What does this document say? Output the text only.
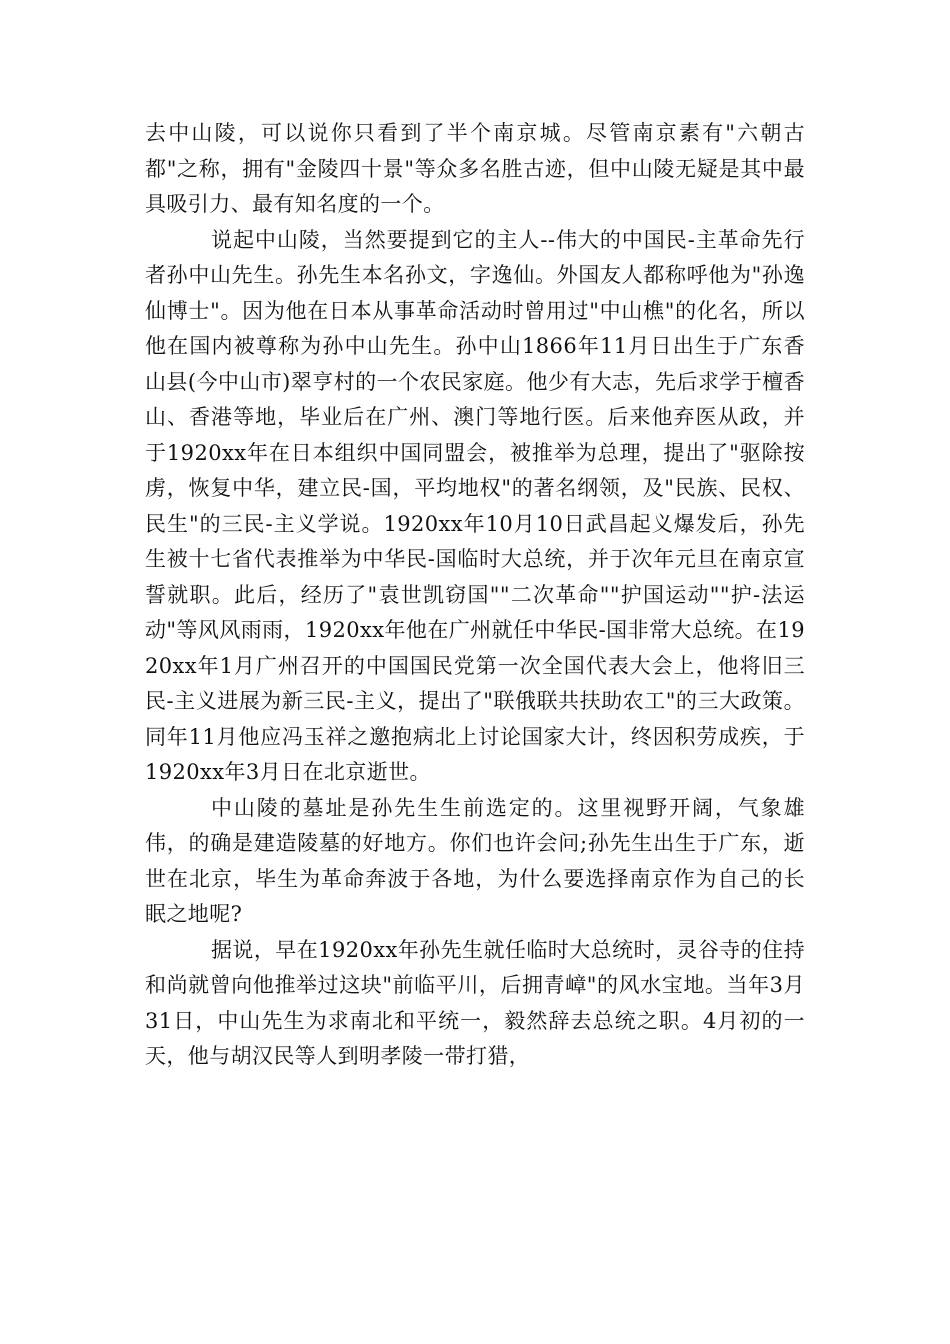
去中山陵，可以说你只看到了半个南京城。尽管南京素有"六朝古都"之称，拥有"金陵四十景"等众多名胜古迹，但中山陵无疑是其中最具吸引力、最有知名度的一个。

说起中山陵，当然要提到它的主人--伟大的中国民-主革命先行者孙中山先生。孙先生本名孙文，字逸仙。外国友人都称呼他为"孙逸仙博士"。因为他在日本从事革命活动时曾用过"中山樵"的化名，所以他在国内被尊称为孙中山先生。孙中山1866年11月日出生于广东香山县(今中山市)翠亨村的一个农民家庭。他少有大志，先后求学于檀香山、香港等地，毕业后在广州、澳门等地行医。后来他弃医从政，并于1920xx年在日本组织中国同盟会，被推举为总理，提出了"驱除按虏，恢复中华，建立民-国，平均地权"的著名纲领，及"民族、民权、民生"的三民-主义学说。1920xx年10月10日武昌起义爆发后，孙先生被十七省代表推举为中华民-国临时大总统，并于次年元旦在南京宣誓就职。此后，经历了"袁世凯窃国""二次革命""护国运动""护-法运动"等风风雨雨，1920xx年他在广州就任中华民-国非常大总统。在1920xx年1月广州召开的中国国民党第一次全国代表大会上，他将旧三民-主义进展为新三民-主义，提出了"联俄联共扶助农工"的三大政策。同年11月他应冯玉祥之邀抱病北上讨论国家大计，终因积劳成疾，于1920xx年3月日在北京逝世。

中山陵的墓址是孙先生生前选定的。这里视野开阔，气象雄伟，的确是建造陵墓的好地方。你们也许会问;孙先生出生于广东，逝世在北京，毕生为革命奔波于各地，为什么要选择南京作为自己的长眠之地呢?

据说，早在1920xx年孙先生就任临时大总统时，灵谷寺的住持和尚就曾向他推举过这块"前临平川，后拥青嶂"的风水宝地。当年3月31日，中山先生为求南北和平统一，毅然辞去总统之职。4月初的一天，他与胡汉民等人到明孝陵一带打猎，
